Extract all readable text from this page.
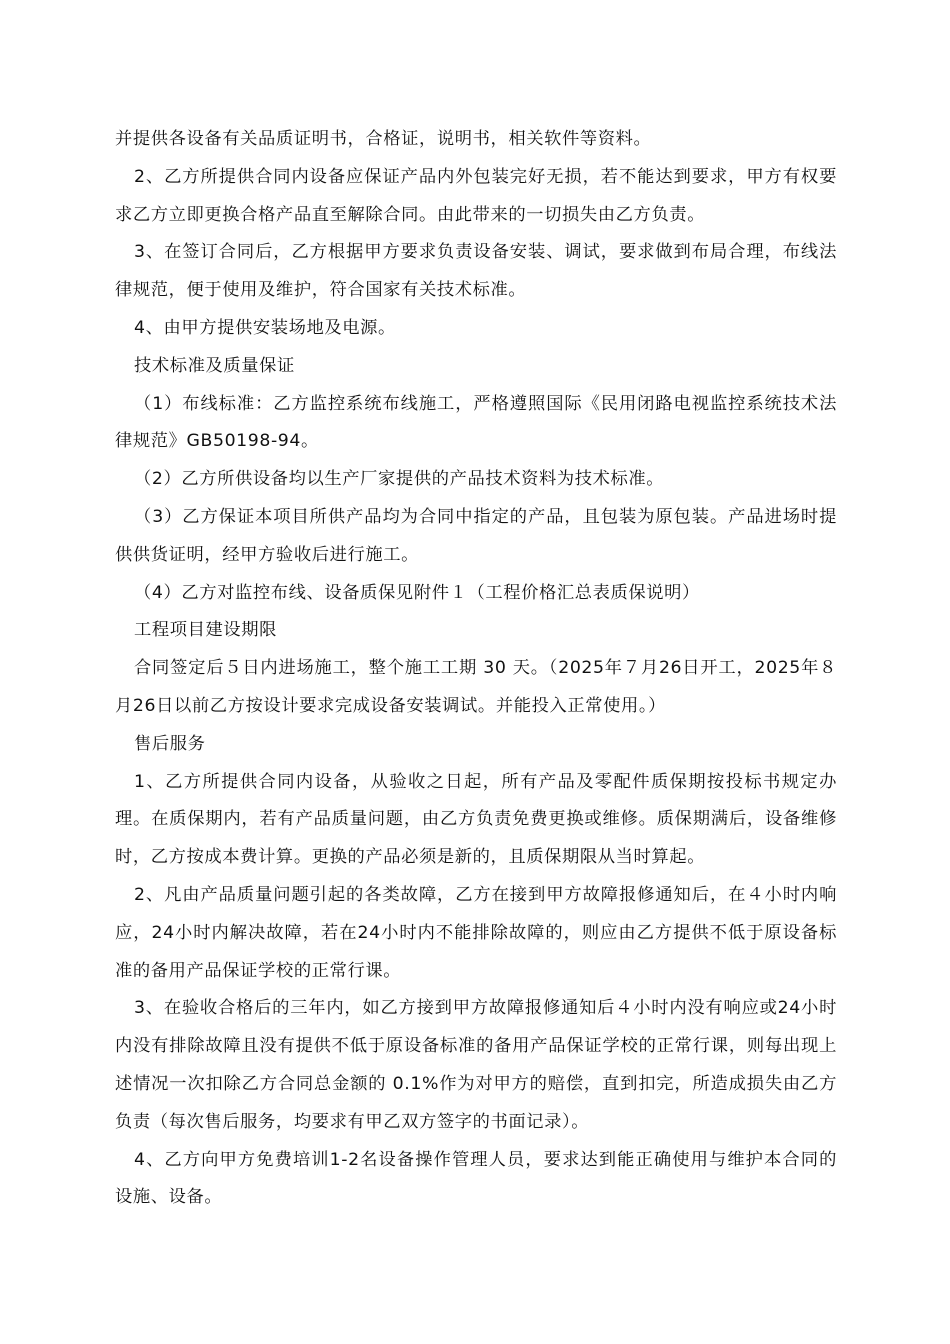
并提供各设备有关品质证明书，合格证，说明书，相关软件等资料。

2、乙方所提供合同内设备应保证产品内外包装完好无损，若不能达到要求，甲方有权要求乙方立即更换合格产品直至解除合同。由此带来的一切损失由乙方负责。

3、在签订合同后，乙方根据甲方要求负责设备安装、调试，要求做到布局合理，布线法律规范，便于使用及维护，符合国家有关技术标准。

4、由甲方提供安装场地及电源。

技术标准及质量保证

（1）布线标准：乙方监控系统布线施工，严格遵照国际《民用闭路电视监控系统技术法律规范》GB50198-94。

（2）乙方所供设备均以生产厂家提供的产品技术资料为技术标准。

（3）乙方保证本项目所供产品均为合同中指定的产品，且包装为原包装。产品进场时提供供货证明，经甲方验收后进行施工。

（4）乙方对监控布线、设备质保见附件１（工程价格汇总表质保说明）

工程项目建设期限

合同签定后５日内进场施工，整个施工工期 30 天。（2025年７月26日开工，2025年８月26日以前乙方按设计要求完成设备安装调试。并能投入正常使用。）

售后服务

1、乙方所提供合同内设备，从验收之日起，所有产品及零配件质保期按投标书规定办理。在质保期内，若有产品质量问题，由乙方负责免费更换或维修。质保期满后，设备维修时，乙方按成本费计算。更换的产品必须是新的，且质保期限从当时算起。

2、凡由产品质量问题引起的各类故障，乙方在接到甲方故障报修通知后，在４小时内响应，24小时内解决故障，若在24小时内不能排除故障的，则应由乙方提供不低于原设备标准的备用产品保证学校的正常行课。

3、在验收合格后的三年内，如乙方接到甲方故障报修通知后４小时内没有响应或24小时内没有排除故障且没有提供不低于原设备标准的备用产品保证学校的正常行课，则每出现上述情况一次扣除乙方合同总金额的 0.1%作为对甲方的赔偿，直到扣完，所造成损失由乙方负责（每次售后服务，均要求有甲乙双方签字的书面记录）。

4、乙方向甲方免费培训1-2名设备操作管理人员，要求达到能正确使用与维护本合同的设施、设备。
